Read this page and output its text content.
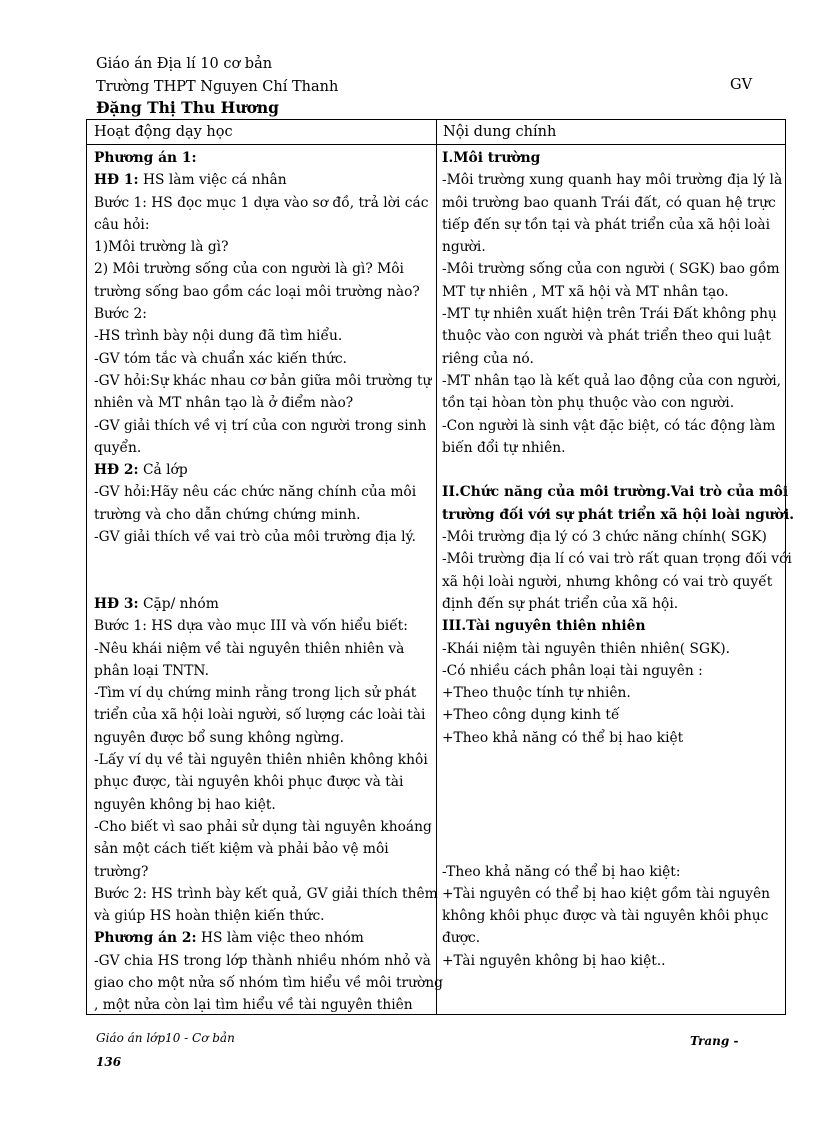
Giáo án Địa lí 10 cơ bản
Trường THPT Nguyen Chí Thanh
Đặng Thị Thu Hương
GV
Hoạt động dạy học	Nội dung chính
Phương án 1:
HĐ 1: HS làm việc cá nhân
Bước 1: HS đọc mục 1 dựa vào sơ đồ, trả lời các
câu hỏi:
1)Môi trường là gì?
2) Môi trường sống của con người là gì? Môi
trường sống bao gồm các loại môi trường nào?
Bước 2:
-HS trình bày nội dung đã tìm hiểu.
-GV tóm tắc và chuẩn xác kiến thức.
-GV hỏi:Sự khác nhau cơ bản giữa môi trường tự
nhiên và MT nhân tạo là ở điểm nào?
-GV giải thích về vị trí của con người trong sinh
quyển.
HĐ 2: Cả lớp
-GV hỏi:Hãy nêu các chức năng chính của môi
trường và cho dẫn chứng chứng minh.
-GV giải thích về vai trò của môi trường địa lý.
HĐ 3: Cặp/ nhóm
Bước 1: HS dựa vào mục III và vốn hiểu biết:
-Nêu khái niệm về tài nguyên thiên nhiên và
phân loại TNTN.
-Tìm ví dụ chứng minh rằng trong lịch sử phát
triển của xã hội loài người, số lượng các loài tài
nguyên được bổ sung không ngừng.
-Lấy ví dụ về tài nguyên thiên nhiên không khôi
phục được, tài nguyên khôi phục được và tài
nguyên không bị hao kiệt.
-Cho biết vì sao phải sử dụng tài nguyên khoáng
sản một cách tiết kiệm và phải bảo vệ môi
trường?
Bước 2: HS trình bày kết quả, GV giải thích thêm
và giúp HS hoàn thiện kiến thức.
Phương án 2: HS làm việc theo nhóm
-GV chia HS trong lớp thành nhiều nhóm nhỏ và
giao cho một nửa số nhóm tìm hiểu về môi trường
, một nửa còn lại tìm hiểu về tài nguyên thiên
I.Môi trường
-Môi trường xung quanh hay môi trường địa lý là
môi trường bao quanh Trái đất, có quan hệ trực
tiếp đến sự tồn tại và phát triển của xã hội loài
người.
-Môi trường sống của con người ( SGK) bao gồm
MT tự nhiên , MT xã hội và MT nhân tạo.
-MT tự nhiên xuất hiện trên Trái Đất không phụ
thuộc vào con người và phát triển theo qui luật
riêng của nó.
-MT nhân tạo là kết quả lao động của con người,
tồn tại hòan tòn phụ thuộc vào con người.
-Con người là sinh vật đặc biệt, có tác động làm
biến đổi tự nhiên.
II.Chức năng của môi trường.Vai trò của môi
trường đối với sự phát triển xã hội loài người.
-Môi trường địa lý có 3 chức năng chính( SGK)
-Môi trường địa lí có vai trò rất quan trọng đối với
xã hội loài người, nhưng không có vai trò quyết
định đến sự phát triển của xã hội.
III.Tài nguyên thiên nhiên
-Khái niệm tài nguyên thiên nhiên( SGK).
-Có nhiều cách phân loại tài nguyên :
+Theo thuộc tính tự nhiên.
+Theo công dụng kinh tế
+Theo khả năng có thể bị hao kiệt
-Theo khả năng có thể bị hao kiệt:
+Tài nguyên có thể bị hao kiệt gồm tài nguyên
không khôi phục được và tài nguyên khôi phục
được.
+Tài nguyên không bị hao kiệt..
Giáo án lớp10 - Cơ bản
136
Trang -
